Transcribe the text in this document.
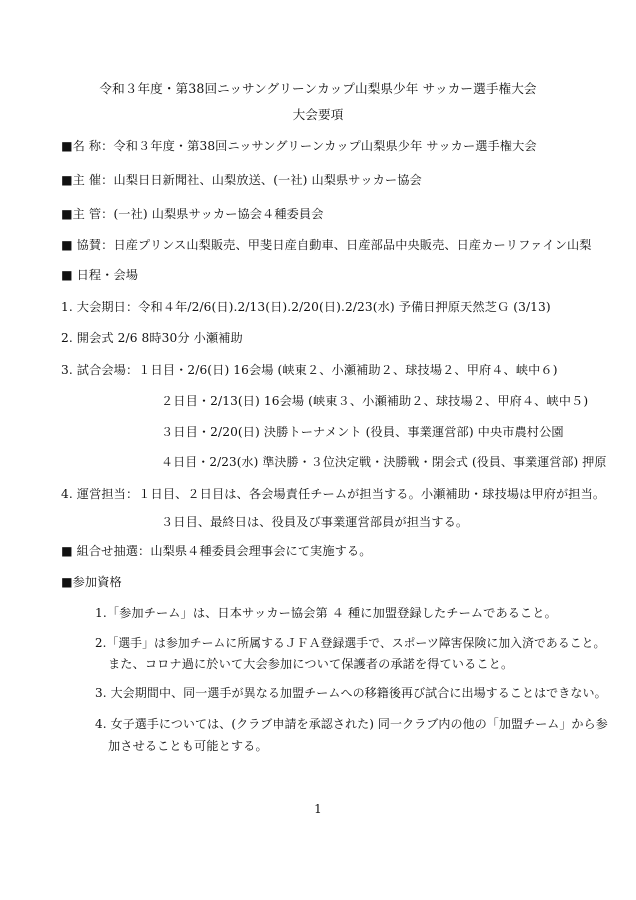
令和３年度・第38回ニッサングリーンカップ山梨県少年 サッカー選手権大会
大会要項
■名 称：令和３年度・第38回ニッサングリーンカップ山梨県少年 サッカー選手権大会
■主 催：山梨日日新聞社、山梨放送、(一社) 山梨県サッカー協会
■主 管：(一社) 山梨県サッカー協会４種委員会
■ 協賛：日産プリンス山梨販売、甲斐日産自動車、日産部品中央販売、日産カーリファイン山梨
■ 日程・会場
1. 大会期日：令和４年/2/6(日).2/13(日).2/20(日).2/23(水) 予備日押原天然芝Ｇ (3/13)
2. 開会式 2/6 8時30分 小瀬補助
3. 試合会場：１日目・2/6(日) 16会場 (峡東２、小瀬補助２、球技場２、甲府４、峡中６)
２日目・2/13(日) 16会場 (峡東３、小瀬補助２、球技場２、甲府４、峡中５)
３日目・2/20(日) 決勝トーナメント (役員、事業運営部) 中央市農村公園
４日目・2/23(水) 準決勝・３位決定戦・決勝戦・閉会式 (役員、事業運営部) 押原
4. 運営担当：１日目、２日目は、各会場責任チームが担当する。小瀬補助・球技場は甲府が担当。
３日目、最終日は、役員及び事業運営部員が担当する。
■ 組合せ抽選：山梨県４種委員会理事会にて実施する。
■参加資格
1.「参加チーム」は、日本サッカー協会第 ４ 種に加盟登録したチームであること。
2.「選手」は参加チームに所属するＪＦＡ登録選手で、スポーツ障害保険に加入済であること。
また、コロナ過に於いて大会参加について保護者の承諾を得ていること。
3. 大会期間中、同一選手が異なる加盟チームへの移籍後再び試合に出場することはできない。
4. 女子選手については、(クラブ申請を承認された) 同一クラブ内の他の「加盟チーム」から参
加させることも可能とする。
1
